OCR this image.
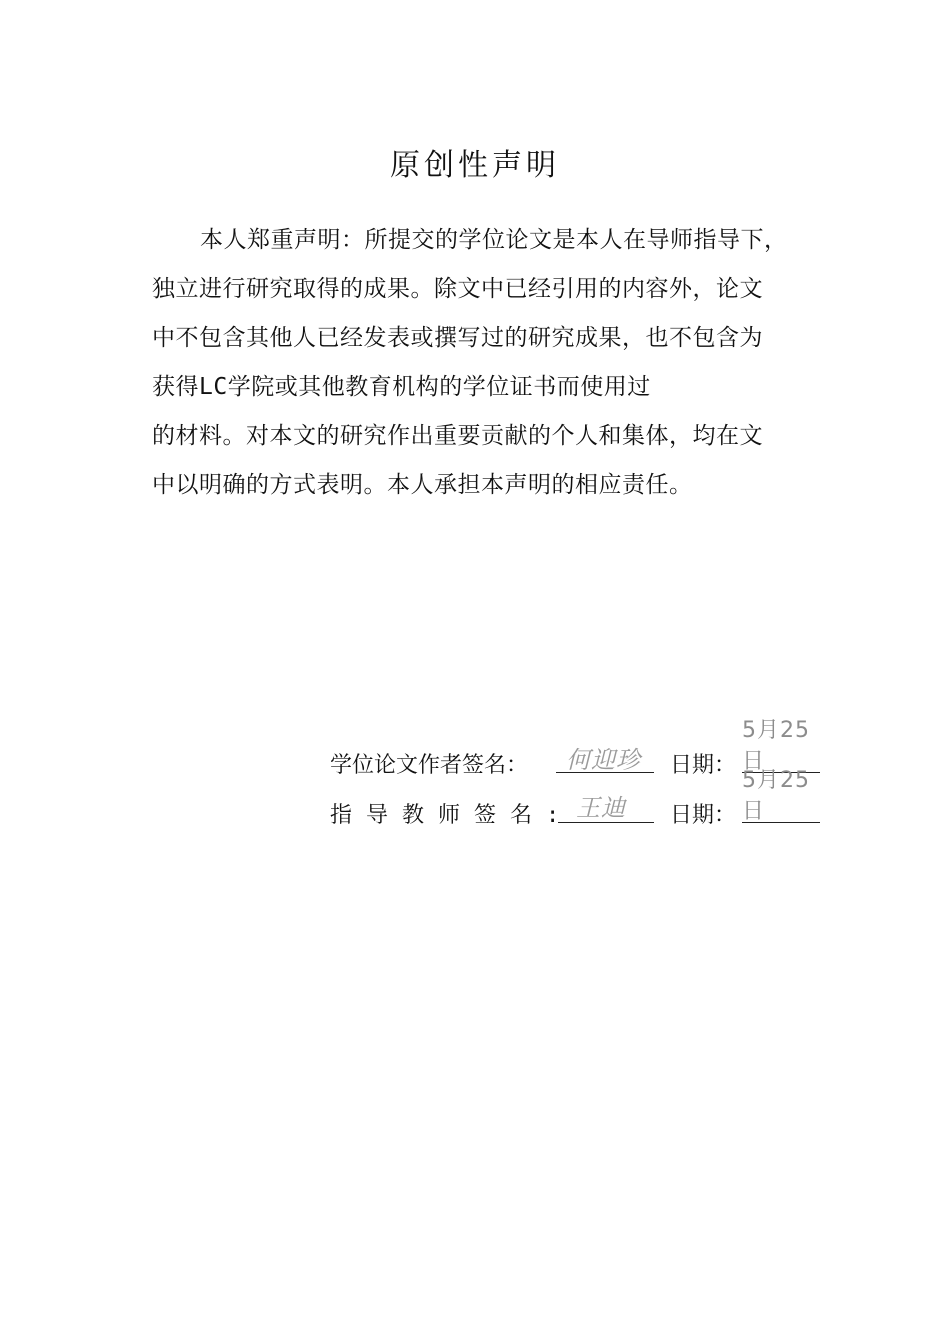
原创性声明
本人郑重声明：所提交的学位论文是本人在导师指导下，
独立进行研究取得的成果。除文中已经引用的内容外，论文
中不包含其他人已经发表或撰写过的研究成果，也不包含为
获得LC学院或其他教育机构的学位证书而使用过
的材料。对本文的研究作出重要贡献的个人和集体，均在文
中以明确的方式表明。本人承担本声明的相应责任。
学位论文作者签名： 何迎珍 日期：
5月25日
指导教师签名: 王迪 日期：
5月25日
